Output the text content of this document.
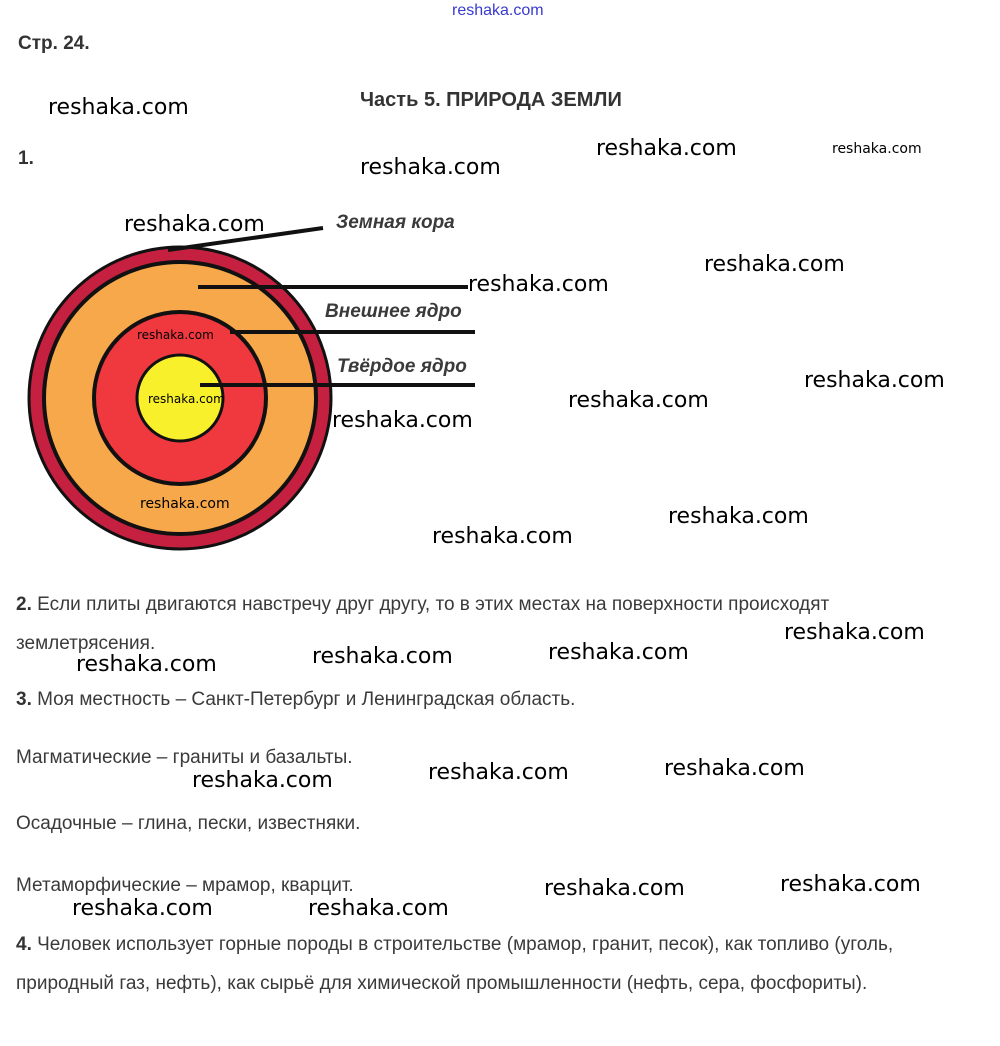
reshaka.com
Стр. 24.
Часть 5. ПРИРОДА ЗЕМЛИ
1.
Земная кора
Внешнее ядро
Твёрдое ядро
2. Если плиты двигаются навстречу друг другу, то в этих местах на поверхности происходят
землетрясения.
3. Моя местность – Санкт-Петербург и Ленинградская область.
Магматические – граниты и базальты.
Осадочные – глина, пески, известняки.
Метаморфические – мрамор, кварцит.
4. Человек использует горные породы в строительстве (мрамор, гранит, песок), как топливо (уголь, природный газ, нефть), как сырьё для химической промышленности (нефть, сера, фосфориты).
reshaka.com
reshaka.com
reshaka.com	reshaka.com
reshaka.com
reshaka.com
reshaka.com
reshaka.com
reshaka.com
reshaka.com	reshaka.com
reshaka.com
reshaka.com	reshaka.com
reshaka.com
reshaka.com
reshaka.com	reshaka.com
reshaka.com
reshaka.com
reshaka.com
reshaka.com
reshaka.com
reshaka.com
reshaka.com	reshaka.com
